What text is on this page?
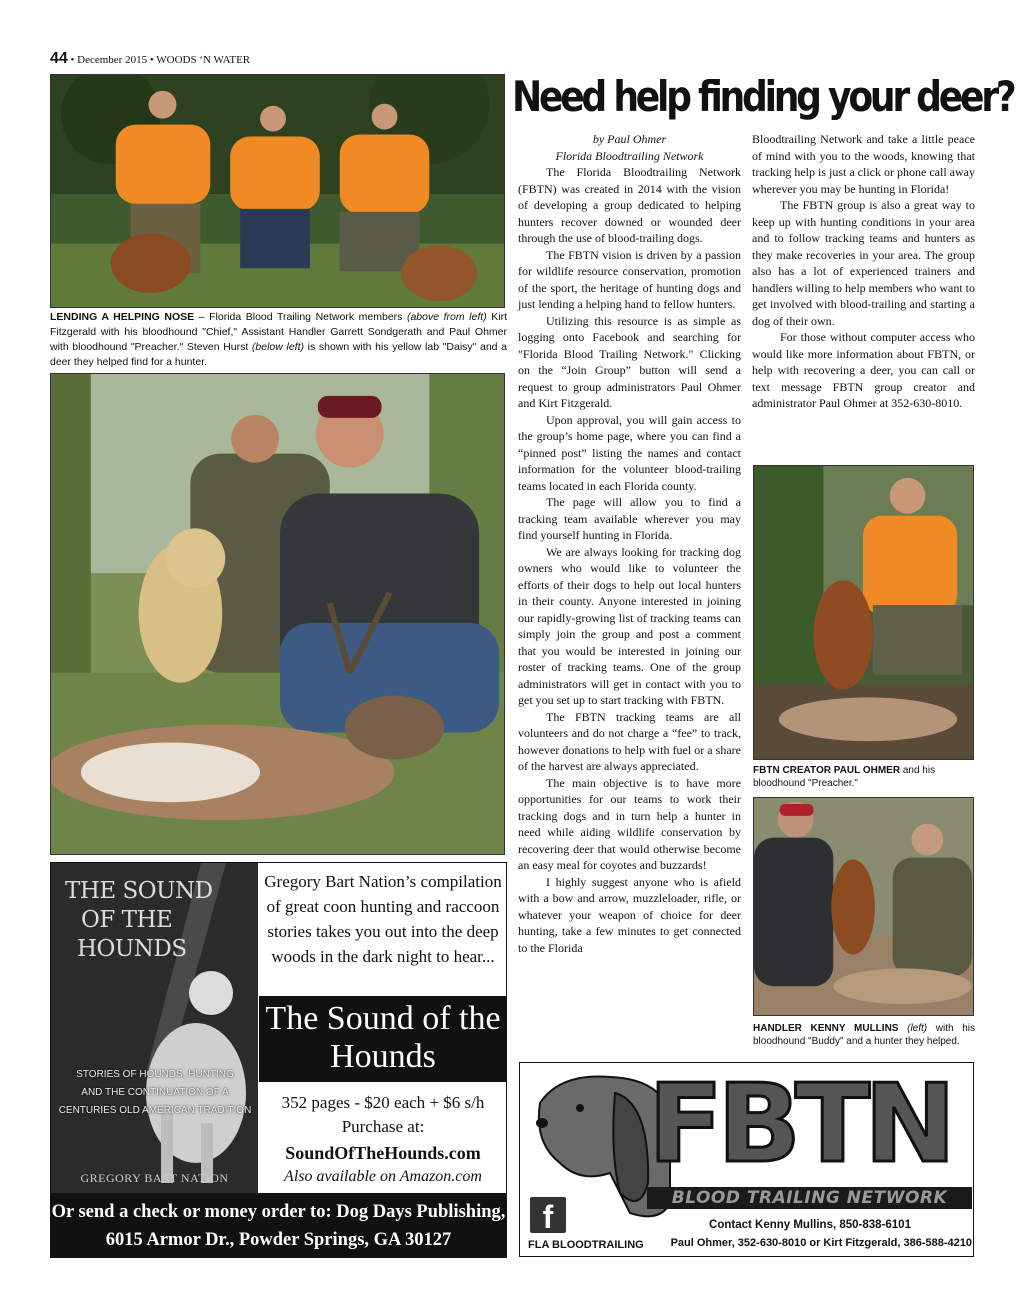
44 • December 2015 • WOODS ‘N WATER
Need help finding your deer?
LENDING A HELPING NOSE – Florida Blood Trailing Network members (above from left) Kirt Fitzgerald with his bloodhound "Chief," Assistant Handler Garrett Sondgerath and Paul Ohmer with bloodhound "Preacher." Steven Hurst (below left) is shown with his yellow lab "Daisy" and a deer they helped find for a hunter.

by Paul Ohmer

Florida Bloodtrailing Network

The Florida Bloodtrailing Network (FBTN) was created in 2014 with the vision of developing a group dedicated to helping hunters recover downed or wounded deer through the use of blood-trailing dogs.

The FBTN vision is driven by a passion for wildlife resource conservation, promotion of the sport, the heritage of hunting dogs and just lending a helping hand to fellow hunters.

Utilizing this resource is as simple as logging onto Facebook and searching for "Florida Blood Trailing Network." Clicking on the “Join Group” button will send a request to group administrators Paul Ohmer and Kirt Fitzgerald.

Upon approval, you will gain access to the group’s home page, where you can find a “pinned post” listing the names and contact information for the volunteer blood-trailing teams located in each Florida county.

The page will allow you to find a tracking team available wherever you may find yourself hunting in Florida.

We are always looking for tracking dog owners who would like to volunteer the efforts of their dogs to help out local hunters in their county. Anyone interested in joining our rapidly-growing list of tracking teams can simply join the group and post a comment that you would be interested in joining our roster of tracking teams. One of the group administrators will get in contact with you to get you set up to start tracking with FBTN.

The FBTN tracking teams are all volunteers and do not charge a “fee” to track, however donations to help with fuel or a share of the harvest are always appreciated.

The main objective is to have more opportunities for our teams to work their tracking dogs and in turn help a hunter in need while aiding wildlife conservation by recovering deer that would otherwise become an easy meal for coyotes and buzzards!

I highly suggest anyone who is afield with a bow and arrow, muzzleloader, rifle, or whatever your weapon of choice for deer hunting, take a few minutes to get connected to the Florida

Bloodtrailing Network and take a little peace of mind with you to the woods, knowing that tracking help is just a click or phone call away wherever you may be hunting in Florida!

The FBTN group is also a great way to keep up with hunting conditions in your area and to follow tracking teams and hunters as they make recoveries in your area. The group also has a lot of experienced trainers and handlers willing to help members who want to get involved with blood-trailing and starting a dog of their own.

For those without computer access who would like more information about FBTN, or help with recovering a deer, you can call or text message FBTN group creator and administrator Paul Ohmer at 352-630-8010.

FBTN CREATOR PAUL OHMER and his bloodhound "Preacher."
HANDLER KENNY MULLINS (left) with his bloodhound "Buddy" and a hunter they helped.
THE SOUND
OF THE
HOUNDS
STORIES OF HOUNDS, HUNTING
AND THE CONTINUATION OF A
CENTURIES OLD AMERICAN TRADITION
GREGORY BART NATION
Gregory Bart Nation’s compilation of great coon hunting and raccoon stories takes you out into the deep woods in the dark night to hear...
The Sound of the Hounds
352 pages - $20 each + $6 s/h
Purchase at:
SoundOfTheHounds.com
Also available on Amazon.com
Or send a check or money order to: Dog Days Publishing,
6015 Armor Dr., Powder Springs, GA 30127
FBTN
BLOOD TRAILING NETWORK
f
FLA BLOODTRAILING
Contact Kenny Mullins, 850-838-6101
Paul Ohmer, 352-630-8010 or Kirt Fitzgerald, 386-588-4210
